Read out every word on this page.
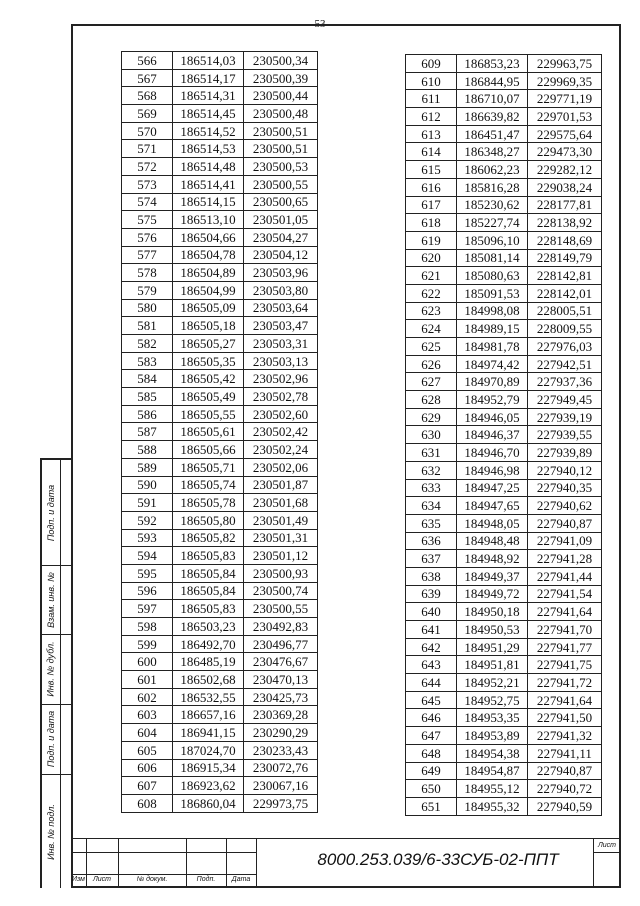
53
Подп. и дата
Взам. инв. №
Инв. № дубл.
Подп. и дата
Инв. № подл.
566	186514,03	230500,34
567	186514,17	230500,39
568	186514,31	230500,44
569	186514,45	230500,48
570	186514,52	230500,51
571	186514,53	230500,51
572	186514,48	230500,53
573	186514,41	230500,55
574	186514,15	230500,65
575	186513,10	230501,05
576	186504,66	230504,27
577	186504,78	230504,12
578	186504,89	230503,96
579	186504,99	230503,80
580	186505,09	230503,64
581	186505,18	230503,47
582	186505,27	230503,31
583	186505,35	230503,13
584	186505,42	230502,96
585	186505,49	230502,78
586	186505,55	230502,60
587	186505,61	230502,42
588	186505,66	230502,24
589	186505,71	230502,06
590	186505,74	230501,87
591	186505,78	230501,68
592	186505,80	230501,49
593	186505,82	230501,31
594	186505,83	230501,12
595	186505,84	230500,93
596	186505,84	230500,74
597	186505,83	230500,55
598	186503,23	230492,83
599	186492,70	230496,77
600	186485,19	230476,67
601	186502,68	230470,13
602	186532,55	230425,73
603	186657,16	230369,28
604	186941,15	230290,29
605	187024,70	230233,43
606	186915,34	230072,76
607	186923,62	230067,16
608	186860,04	229973,75
609	186853,23	229963,75
610	186844,95	229969,35
611	186710,07	229771,19
612	186639,82	229701,53
613	186451,47	229575,64
614	186348,27	229473,30
615	186062,23	229282,12
616	185816,28	229038,24
617	185230,62	228177,81
618	185227,74	228138,92
619	185096,10	228148,69
620	185081,14	228149,79
621	185080,63	228142,81
622	185091,53	228142,01
623	184998,08	228005,51
624	184989,15	228009,55
625	184981,78	227976,03
626	184974,42	227942,51
627	184970,89	227937,36
628	184952,79	227949,45
629	184946,05	227939,19
630	184946,37	227939,55
631	184946,70	227939,89
632	184946,98	227940,12
633	184947,25	227940,35
634	184947,65	227940,62
635	184948,05	227940,87
636	184948,48	227941,09
637	184948,92	227941,28
638	184949,37	227941,44
639	184949,72	227941,54
640	184950,18	227941,64
641	184950,53	227941,70
642	184951,29	227941,77
643	184951,81	227941,75
644	184952,21	227941,72
645	184952,75	227941,64
646	184953,35	227941,50
647	184953,89	227941,32
648	184954,38	227941,11
649	184954,87	227940,87
650	184955,12	227940,72
651	184955,32	227940,59
Изм	Лист	№ докум.	Подп.	Дата
8000.253.039/6-33СУБ-02-ППТ
Лист
